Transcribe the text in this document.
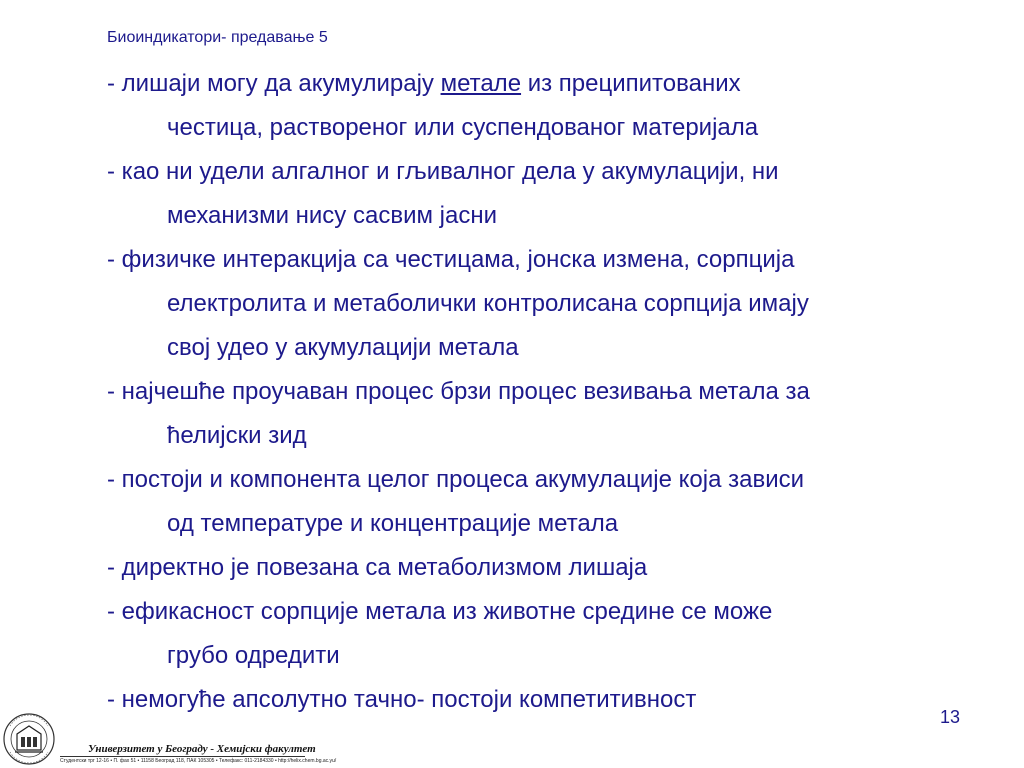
Биоиндикатори- предавање 5
- лишаји могу да акумулирају метале из преципитованих
честица, раствореног или суспендованог материјала
- као ни удели алгалног и гљивалног дела у акумулацији, ни
механизми нису сасвим јасни
- физичке интеракција са честицама, јонска измена, сорпција
електролита и метаболички контролисана сорпција имају
свој удео у акумулацији метала
- најчешће проучаван процес брзи процес везивања метала за
ћелијски зид
- постоји и компонента целог процеса акумулације која зависи
од температуре и концентрације метала
- директно је повезана са метаболизмом лишаја
- ефикасност сорпције метала из животне средине се може
грубо одредити
- немогуће апсолутно тачно- постоји компетитивност
13
Универзитет у Београду - Хемијски факултет
Студентски трг 12-16 • П. фах 51 • 11158 Београд 118, ПАК 105305 • Телефакс: 011-2184330 • http://helix.chem.bg.ac.yu/
